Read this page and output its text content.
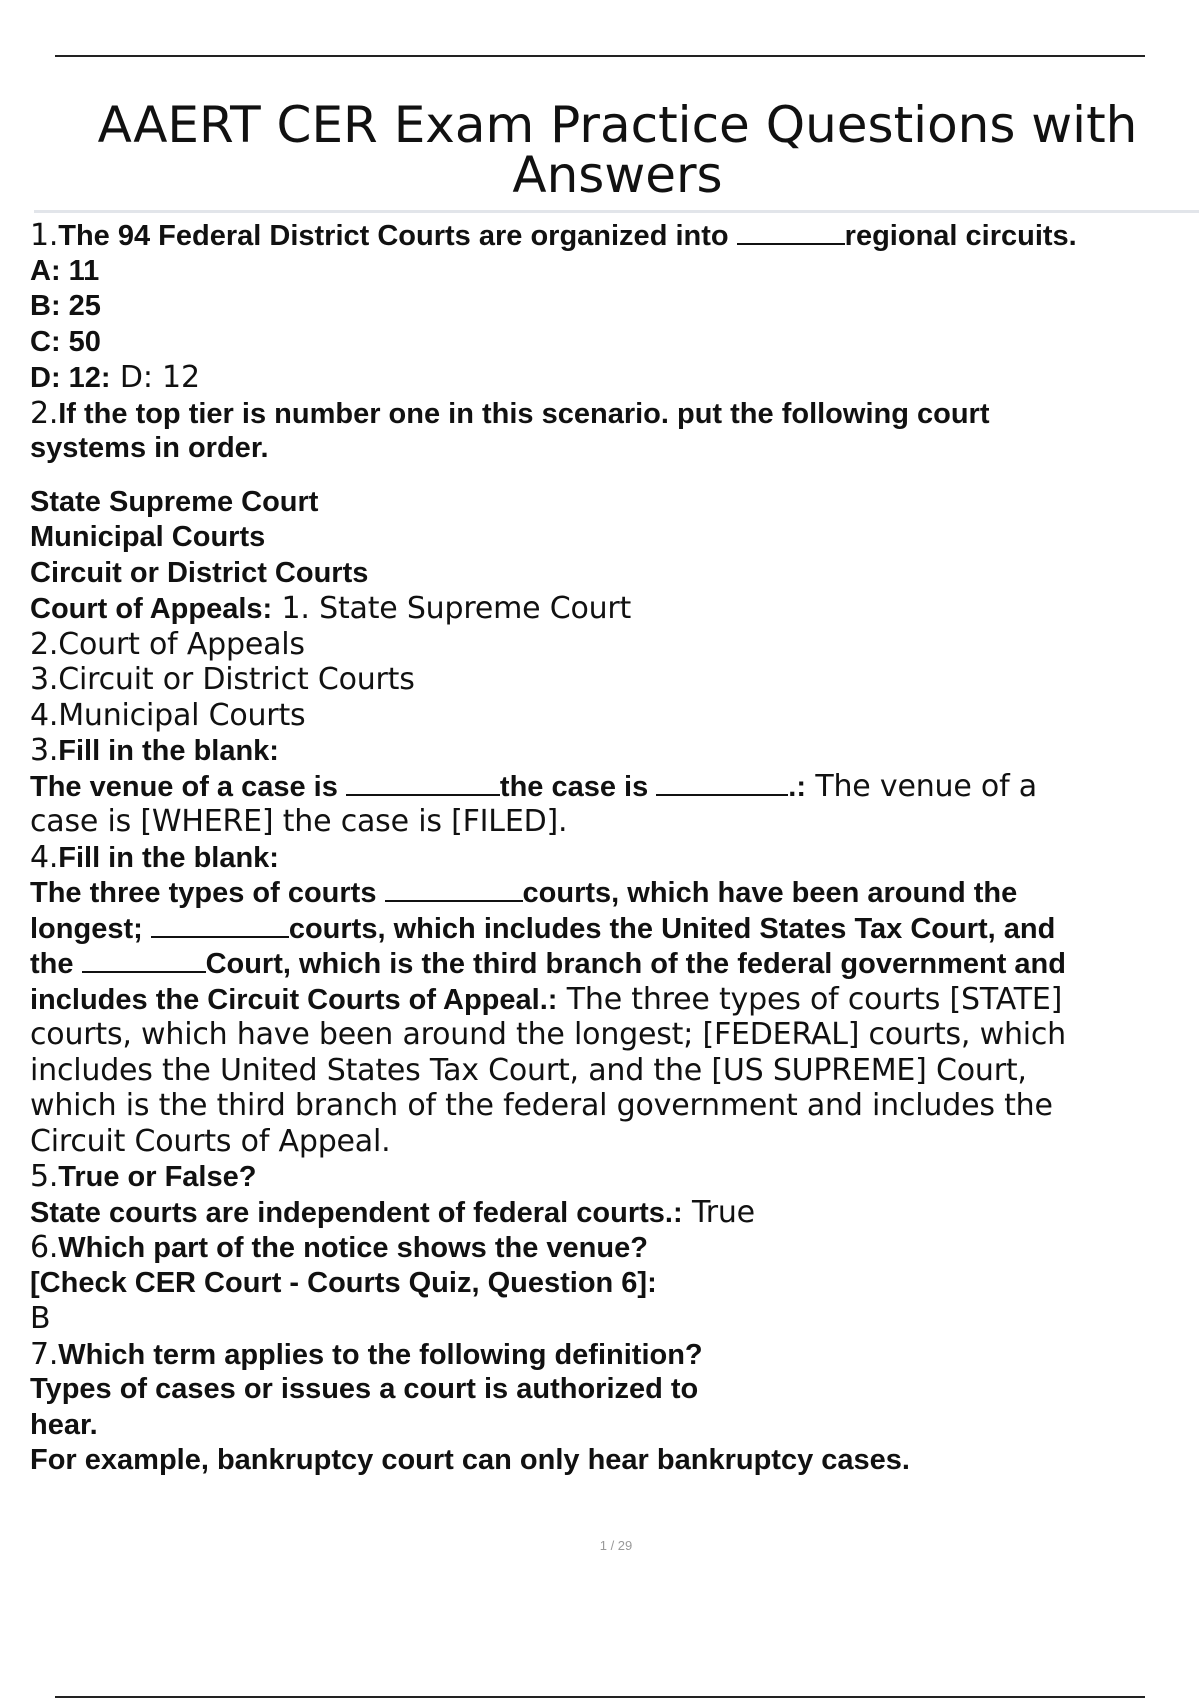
AAERT CER Exam Practice Questions with Answers
1.The 94 Federal District Courts are organized into	regional circuits.
A: 11
B: 25
C: 50
D: 12: D: 12
2.If the top tier is number one in this scenario. put the following court
systems in order.
State Supreme Court
Municipal Courts
Circuit or District Courts
Court of Appeals: 1. State Supreme Court
2.Court of Appeals
3.Circuit or District Courts
4.Municipal Courts
3.Fill in the blank:
The venue of a case is	the case is	.: The venue of a
case is [WHERE] the case is [FILED].
4.Fill in the blank:
The three types of courts	courts, which have been around the
longest;	courts, which includes the United States Tax Court, and
the	Court, which is the third branch of the federal government and
includes the Circuit Courts of Appeal.: The three types of courts [STATE]
courts, which have been around the longest; [FEDERAL] courts, which
includes the United States Tax Court, and the [US SUPREME] Court,
which is the third branch of the federal government and includes the
Circuit Courts of Appeal.
5.True or False?
State courts are independent of federal courts.: True
6.Which part of the notice shows the venue?
[Check CER Court - Courts Quiz, Question 6]:
B
7.Which term applies to the following definition?
Types of cases or issues a court is authorized to
hear.
For example, bankruptcy court can only hear bankruptcy cases.
1 / 29
